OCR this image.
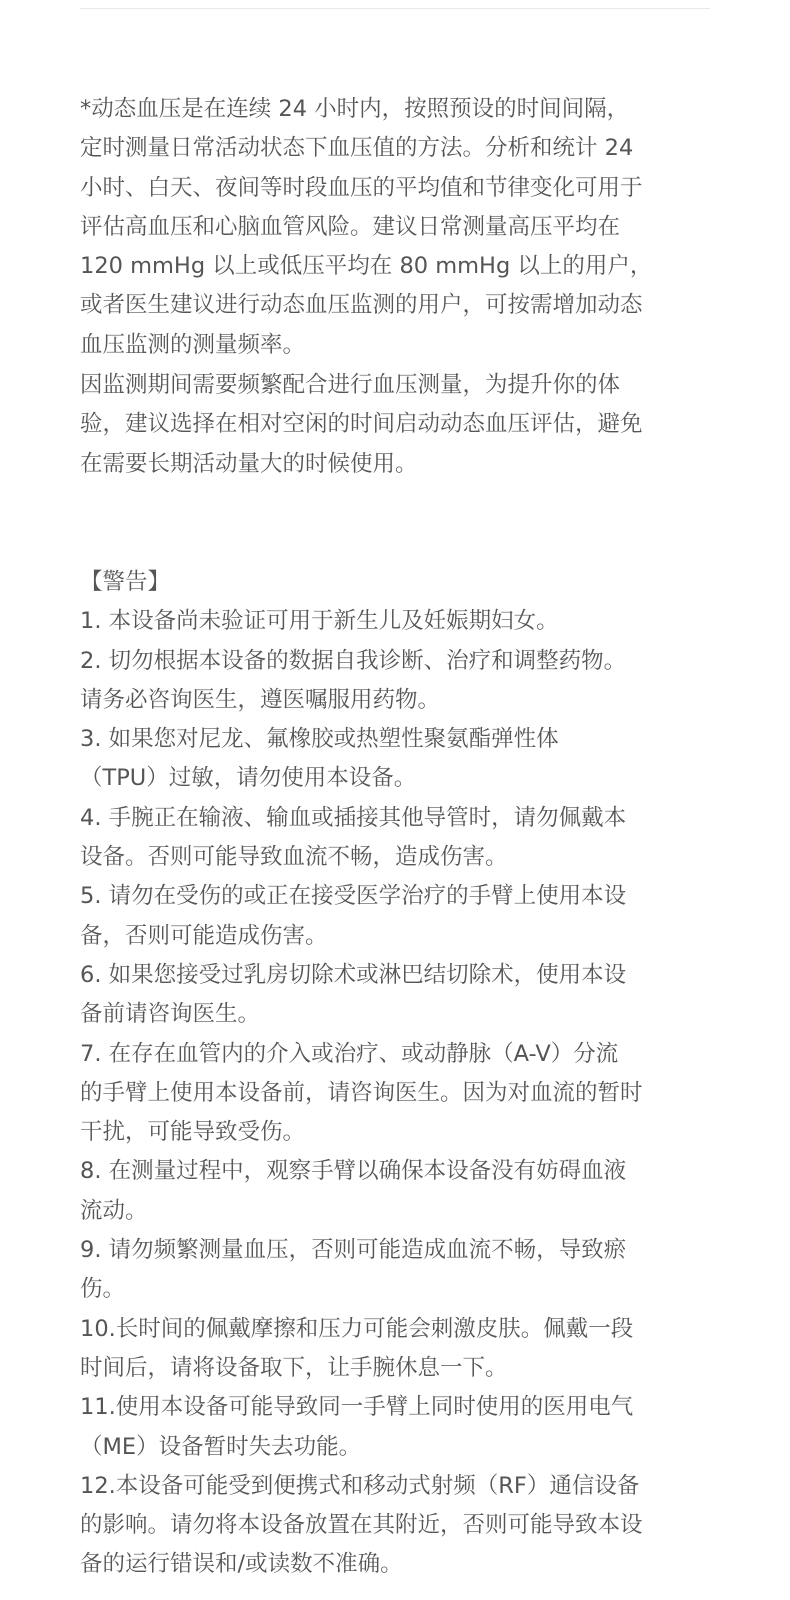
*动态血压是在连续 24 小时内，按照预设的时间间隔，
定时测量日常活动状态下血压值的方法。分析和统计 24
小时、白天、夜间等时段血压的平均值和节律变化可用于
评估高血压和心脑血管风险。建议日常测量高压平均在
120 mmHg 以上或低压平均在 80 mmHg 以上的用户，
或者医生建议进行动态血压监测的用户，可按需增加动态
血压监测的测量频率。

因监测期间需要频繁配合进行血压测量，为提升你的体
验，建议选择在相对空闲的时间启动动态血压评估，避免
在需要长期活动量大的时候使用。

【警告】

1. 本设备尚未验证可用于新生儿及妊娠期妇女。
2. 切勿根据本设备的数据自我诊断、治疗和调整药物。
请务必咨询医生，遵医嘱服用药物。
3. 如果您对尼龙、氟橡胶或热塑性聚氨酯弹性体
（TPU）过敏，请勿使用本设备。
4. 手腕正在输液、输血或插接其他导管时，请勿佩戴本
设备。否则可能导致血流不畅，造成伤害。
5. 请勿在受伤的或正在接受医学治疗的手臂上使用本设
备，否则可能造成伤害。
6. 如果您接受过乳房切除术或淋巴结切除术，使用本设
备前请咨询医生。
7. 在存在血管内的介入或治疗、或动静脉（A-V）分流
的手臂上使用本设备前，请咨询医生。因为对血流的暂时
干扰，可能导致受伤。
8. 在测量过程中，观察手臂以确保本设备没有妨碍血液
流动。
9. 请勿频繁测量血压，否则可能造成血流不畅，导致瘀
伤。
10.长时间的佩戴摩擦和压力可能会刺激皮肤。佩戴一段
时间后，请将设备取下，让手腕休息一下。
11.使用本设备可能导致同一手臂上同时使用的医用电气
（ME）设备暂时失去功能。
12.本设备可能受到便携式和移动式射频（RF）通信设备
的影响。请勿将本设备放置在其附近，否则可能导致本设
备的运行错误和/或读数不准确。
